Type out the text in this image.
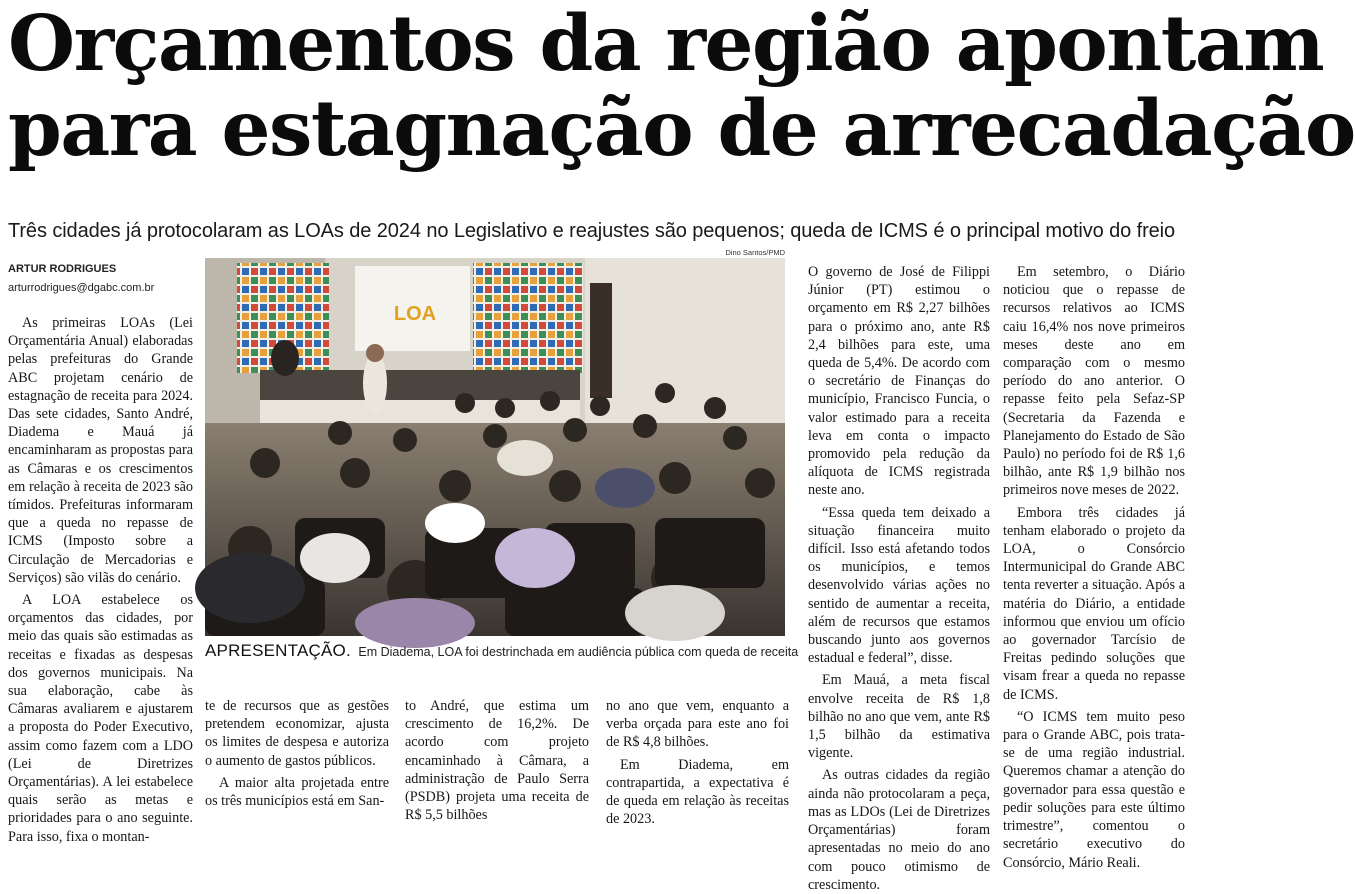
Orçamentos da região apontam
para estagnação de arrecadação
Três cidades já protocolaram as LOAs de 2024 no Legislativo e reajustes são pequenos; queda de ICMS é o principal motivo do freio
ARTUR RODRIGUES
arturrodrigues@dgabc.com.br

As primeiras LOAs (Lei Orçamentária Anual) elaboradas pelas prefeituras do Grande ABC projetam cenário de estagnação de receita para 2024. Das sete cidades, Santo André, Diadema e Mauá já encaminharam as propostas para as Câmaras e os crescimentos em relação à receita de 2023 são tímidos. Prefeituras informaram que a queda no repasse de ICMS (Imposto sobre a Circulação de Mercadorias e Serviços) são vilãs do cenário.

A LOA estabelece os orçamentos das cidades, por meio das quais são estimadas as receitas e fixadas as despesas dos governos municipais. Na sua elaboração, cabe às Câmaras avaliarem e ajustarem a proposta do Poder Executivo, assim como fazem com a LDO (Lei de Diretrizes Orçamentárias). A lei estabelece quais serão as metas e prioridades para o ano seguinte. Para isso, fixa o montan-

Dino Santos/PMD
LOA
APRESENTAÇÃO. Em Diadema, LOA foi destrinchada em audiência pública com queda de receita

te de recursos que as gestões pretendem economizar, ajusta os limites de despesa e autoriza o aumento de gastos públicos.

A maior alta projetada entre os três municípios está em San-

to André, que estima um crescimento de 16,2%. De acordo com projeto encaminhado à Câmara, a administração de Paulo Serra (PSDB) projeta uma receita de R$ 5,5 bilhões

no ano que vem, enquanto a verba orçada para este ano foi de R$ 4,8 bilhões.

Em Diadema, em contrapartida, a expectativa é de queda em relação às receitas de 2023.

O governo de José de Filippi Júnior (PT) estimou o orçamento em R$ 2,27 bilhões para o próximo ano, ante R$ 2,4 bilhões para este, uma queda de 5,4%. De acordo com o secretário de Finanças do município, Francisco Funcia, o valor estimado para a receita leva em conta o impacto promovido pela redução da alíquota de ICMS registrada neste ano.

“Essa queda tem deixado a situação financeira muito difícil. Isso está afetando todos os municípios, e temos desenvolvido várias ações no sentido de aumentar a receita, além de recursos que estamos buscando junto aos governos estadual e federal”, disse.

Em Mauá, a meta fiscal envolve receita de R$ 1,8 bilhão no ano que vem, ante R$ 1,5 bilhão da estimativa vigente.

As outras cidades da região ainda não protocolaram a peça, mas as LDOs (Lei de Diretrizes Orçamentárias) foram apresentadas no meio do ano com pouco otimismo de crescimento.

Em setembro, o Diário noticiou que o repasse de recursos relativos ao ICMS caiu 16,4% nos nove primeiros meses deste ano em comparação com o mesmo período do ano anterior. O repasse feito pela Sefaz-SP (Secretaria da Fazenda e Planejamento do Estado de São Paulo) no período foi de R$ 1,6 bilhão, ante R$ 1,9 bilhão nos primeiros nove meses de 2022.

Embora três cidades já tenham elaborado o projeto da LOA, o Consórcio Intermunicipal do Grande ABC tenta reverter a situação. Após a matéria do Diário, a entidade informou que enviou um ofício ao governador Tarcísio de Freitas pedindo soluções que visam frear a queda no repasse de ICMS.

“O ICMS tem muito peso para o Grande ABC, pois trata-se de uma região industrial. Queremos chamar a atenção do governador para essa questão e pedir soluções para este último trimestre”, comentou o secretário executivo do Consórcio, Mário Reali.
